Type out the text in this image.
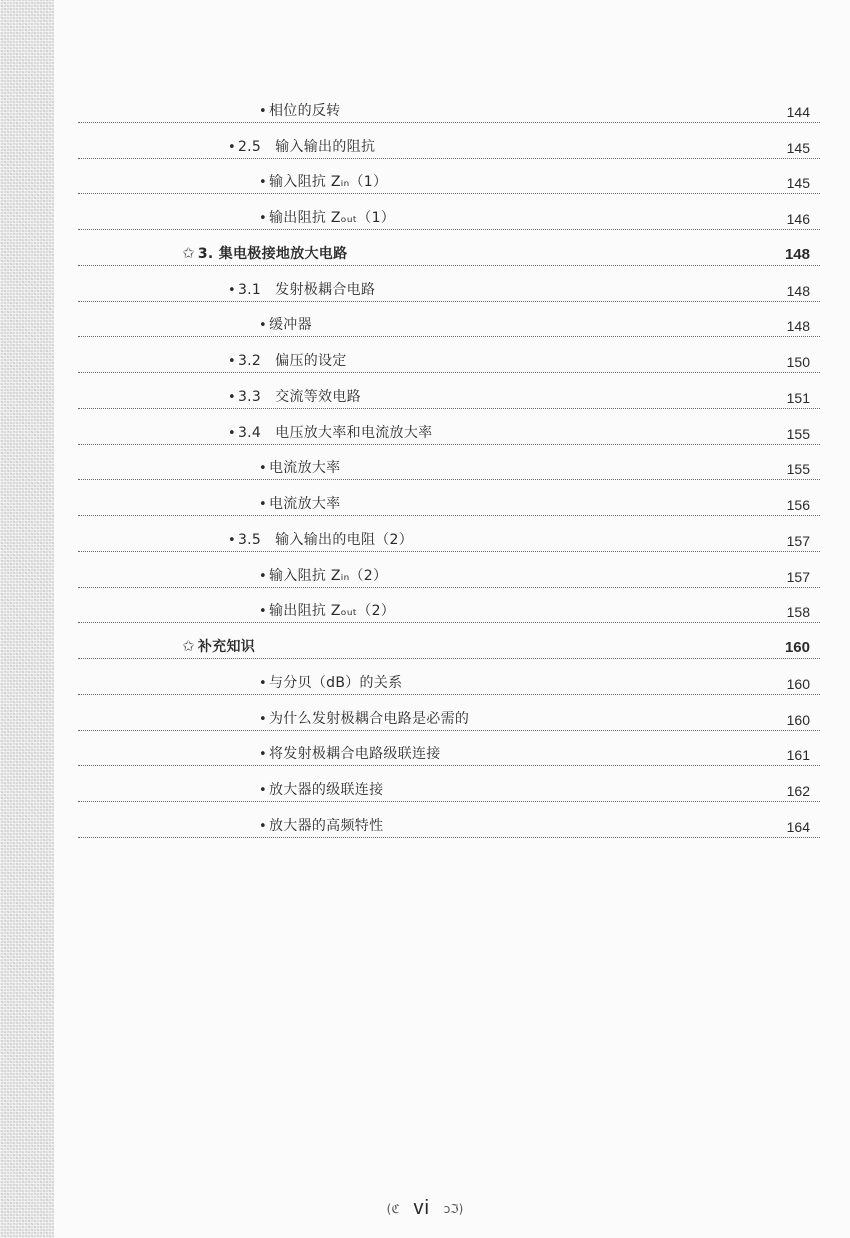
• 相位的反转	144
• 2.5 输入输出的阻抗	145
• 输入阻抗 Zᵢₙ（1）	145
• 输出阻抗 Zₒᵤₜ（1）	146
✩ 3. 集电极接地放大电路	148
• 3.1 发射极耦合电路	148
• 缓冲器	148
• 3.2 偏压的设定	150
• 3.3 交流等效电路	151
• 3.4 电压放大率和电流放大率	155
• 电流放大率	155
• 电流放大率	156
• 3.5 输入输出的电阻（2）	157
• 输入阻抗 Zᵢₙ（2）	157
• 输出阻抗 Zₒᵤₜ（2）	158
✩ 补充知识	160
• 与分贝（dB）的关系	160
• 为什么发射极耦合电路是必需的	160
• 将发射极耦合电路级联连接	161
• 放大器的级联连接	162
• 放大器的高频特性	164
(ℭ vi ɔℑ)
